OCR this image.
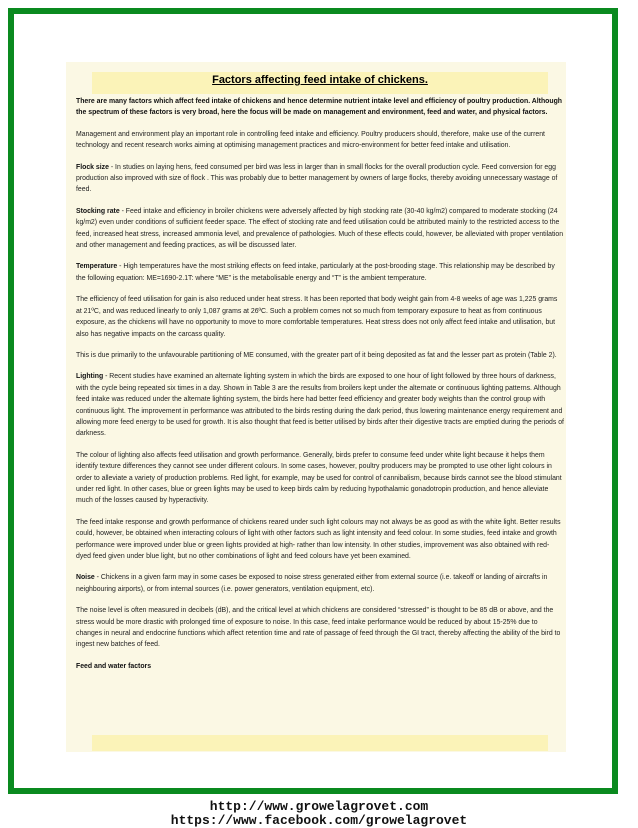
Factors affecting feed intake of chickens.

There are many factors which affect feed intake of chickens and hence determine nutrient intake level and efficiency of poultry production. Although the spectrum of these factors is very broad, here the focus will be made on management and environment, feed and water, and physical factors.

Management and environment play an important role in controlling feed intake and efficiency. Poultry producers should, therefore, make use of the current technology and recent research works aiming at optimising management practices and micro-environment for better feed intake and utilisation.

Flock size - In studies on laying hens, feed consumed per bird was less in larger than in small flocks for the overall production cycle. Feed conversion for egg production also improved with size of flock . This was probably due to better management by owners of large flocks, thereby avoiding unnecessary wastage of feed.

Stocking rate - Feed intake and efficiency in broiler chickens were adversely affected by high stocking rate (30-40 kg/m2) compared to moderate stocking (24 kg/m2) even under conditions of sufficient feeder space. The effect of stocking rate and feed utilisation could be attributed mainly to the restricted access to the feed, increased heat stress, increased ammonia level, and prevalence of pathologies. Much of these effects could, however, be alleviated with proper ventilation and other management and feeding practices, as will be discussed later.

Temperature - High temperatures have the most striking effects on feed intake, particularly at the post-brooding stage. This relationship may be described by the following equation: ME=1690-2.1T: where “ME” is the metabolisable energy and “T” is the ambient temperature.

The efficiency of feed utilisation for gain is also reduced under heat stress. It has been reported that body weight gain from 4-8 weeks of age was 1,225 grams at 21ºC, and was reduced linearly to only 1,087 grams at 26ºC. Such a problem comes not so much from temporary exposure to heat as from continuous exposure, as the chickens will have no opportunity to move to more comfortable temperatures. Heat stress does not only affect feed intake and utilisation, but also has negative impacts on the carcass quality.

This is due primarily to the unfavourable partitioning of ME consumed, with the greater part of it being deposited as fat and the lesser part as protein (Table 2).

Lighting - Recent studies have examined an alternate lighting system in which the birds are exposed to one hour of light followed by three hours of darkness, with the cycle being repeated six times in a day. Shown in Table 3 are the results from broilers kept under the alternate or continuous lighting patterns. Although feed intake was reduced under the alternate lighting system, the birds here had better feed efficiency and greater body weights than the control group with continuous light. The improvement in performance was attributed to the birds resting during the dark period, thus lowering maintenance energy requirement and allowing more feed energy to be used for growth. It is also thought that feed is better utilised by birds after their digestive tracts are emptied during the periods of darkness.

The colour of lighting also affects feed utilisation and growth performance. Generally, birds prefer to consume feed under white light because it helps them identify texture differences they cannot see under different colours. In some cases, however, poultry producers may be prompted to use other light colours in order to alleviate a variety of production problems. Red light, for example, may be used for control of cannibalism, because birds cannot see the blood stimulant under red light. In other cases, blue or green lights may be used to keep birds calm by reducing hypothalamic gonadotropin production, and hence alleviate much of the losses caused by hyperactivity.

The feed intake response and growth performance of chickens reared under such light colours may not always be as good as with the white light. Better results could, however, be obtained when interacting colours of light with other factors such as light intensity and feed colour. In some studies, feed intake and growth performance were improved under blue or green lights provided at high- rather than low intensity. In other studies, improvement was also obtained with red-dyed feed given under blue light, but no other combinations of light and feed colours have yet been examined.

Noise - Chickens in a given farm may in some cases be exposed to noise stress generated either from external source (i.e. takeoff or landing of aircrafts in neighbouring airports), or from internal sources (i.e. power generators, ventilation equipment, etc).

The noise level is often measured in decibels (dB), and the critical level at which chickens are considered “stressed” is thought to be 85 dB or above, and the stress would be more drastic with prolonged time of exposure to noise. In this case, feed intake performance would be reduced by about 15-25% due to changes in neural and endocrine functions which affect retention time and rate of passage of feed through the GI tract, thereby affecting the ability of the bird to ingest new batches of feed.

Feed and water factors

http://www.growelagrovet.com
https://www.facebook.com/growelagrovet
